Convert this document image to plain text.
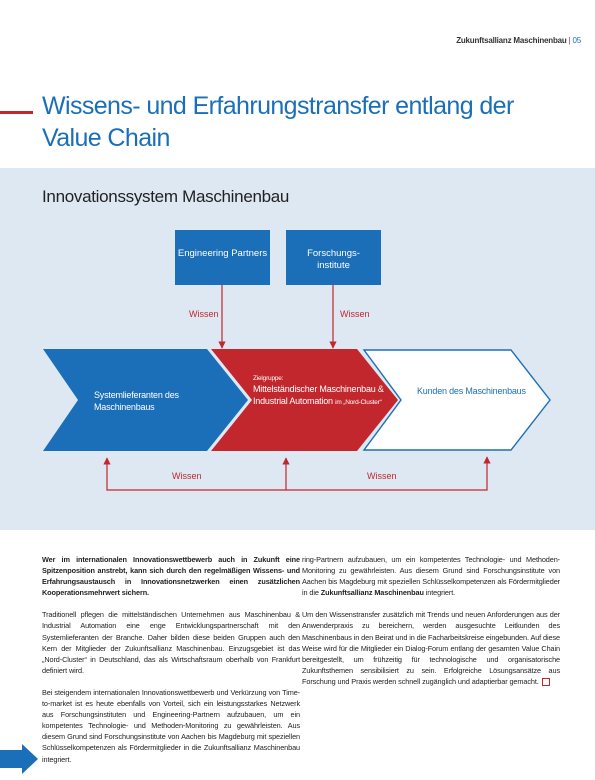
Zukunftsallianz Maschinenbau | 05
Wissens- und Erfahrungstransfer entlang der Value Chain
Innovationssystem Maschinenbau
Engineering Partners	Forschungs-institute
Wissen	Wissen
Wissen	Wissen
Systemlieferanten des Maschinenbaus
Zielgruppe:
Mittelständischer Maschinenbau & Industrial Automation im „Nord-Cluster“
Kunden des Maschinenbaus

Wer im internationalen Innovationswettbewerb auch in Zukunft eine Spitzenposition anstrebt, kann sich durch den regelmäßigen Wissens- und Erfahrungsaustausch in Innovationsnetzwerken einen zusätzlichen Kooperationsmehrwert sichern.

Traditionell pflegen die mittelständischen Unternehmen aus Maschinenbau & Industrial Automation eine enge Entwicklungspartnerschaft mit den Systemlieferanten der Branche. Daher bilden diese beiden Gruppen auch den Kern der Mitglieder der Zukunftsallianz Maschinenbau. Einzugsgebiet ist das „Nord-Cluster“ in Deutschland, das als Wirtschaftsraum oberhalb von Frankfurt definiert wird.

Bei steigendem internationalen Innovationswettbewerb und Verkürzung von Time-to-market ist es heute ebenfalls von Vorteil, sich ein leistungsstarkes Netzwerk aus Forschungsinstituten und Engineering-Partnern aufzubauen, um ein kompetentes Technologie- und Methoden-Monitoring zu gewährleisten. Aus diesem Grund sind Forschungsinstitute von Aachen bis Magdeburg mit speziellen Schlüsselkompetenzen als Fördermitglieder in die Zukunftsallianz Maschinenbau integriert.

ring-Partnern aufzubauen, um ein kompetentes Technologie- und Methoden-Monitoring zu gewährleisten. Aus diesem Grund sind Forschungsinstitute von Aachen bis Magdeburg mit speziellen Schlüsselkompetenzen als Fördermitglieder in die Zukunftsallianz Maschinenbau integriert.

Um den Wissenstransfer zusätzlich mit Trends und neuen Anforderungen aus der Anwenderpraxis zu bereichern, werden ausgesuchte Leitkunden des Maschinenbaus in den Beirat und in die Facharbeitskreise eingebunden. Auf diese Weise wird für die Mitglieder ein Dialog-Forum entlang der gesamten Value Chain bereitgestellt, um frühzeitig für technologische und organisatorische Zukunftsthemen sensibilisiert zu sein. Erfolgreiche Lösungsansätze aus Forschung und Praxis werden schnell zugänglich und adaptierbar gemacht.
